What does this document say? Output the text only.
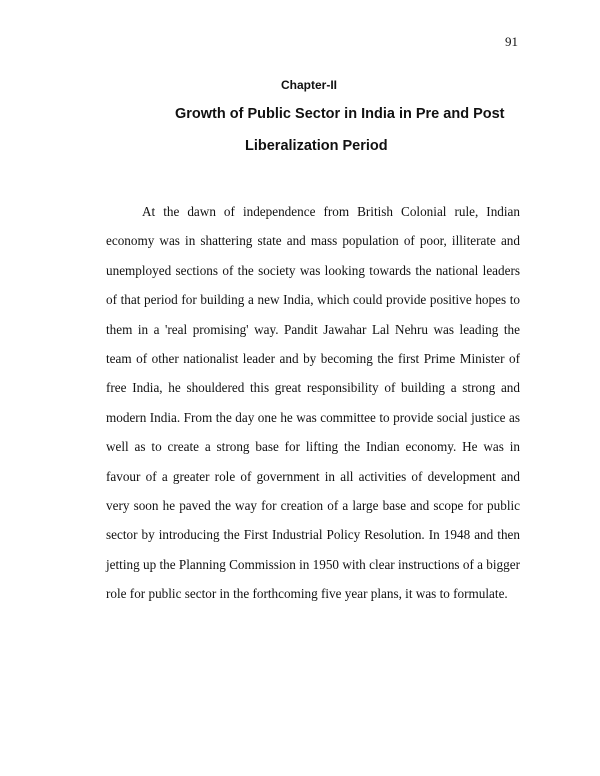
91
Chapter-II
Growth of Public Sector in India in Pre and Post
Liberalization Period

At the dawn of independence from British Colonial rule, Indian economy was in shattering state and mass population of poor, illiterate and unemployed sections of the society was looking towards the national leaders of that period for building a new India, which could provide positive hopes to them in a 'real promising' way. Pandit Jawahar Lal Nehru was leading the team of other nationalist leader and by becoming the first Prime Minister of free India, he shouldered this great responsibility of building a strong and modern India. From the day one he was committee to provide social justice as well as to create a strong base for lifting the Indian economy. He was in favour of a greater role of government in all activities of development and very soon he paved the way for creation of a large base and scope for public sector by introducing the First Industrial Policy Resolution. In 1948 and then jetting up the Planning Commission in 1950 with clear instructions of a bigger role for public sector in the forthcoming five year plans, it was to formulate.
